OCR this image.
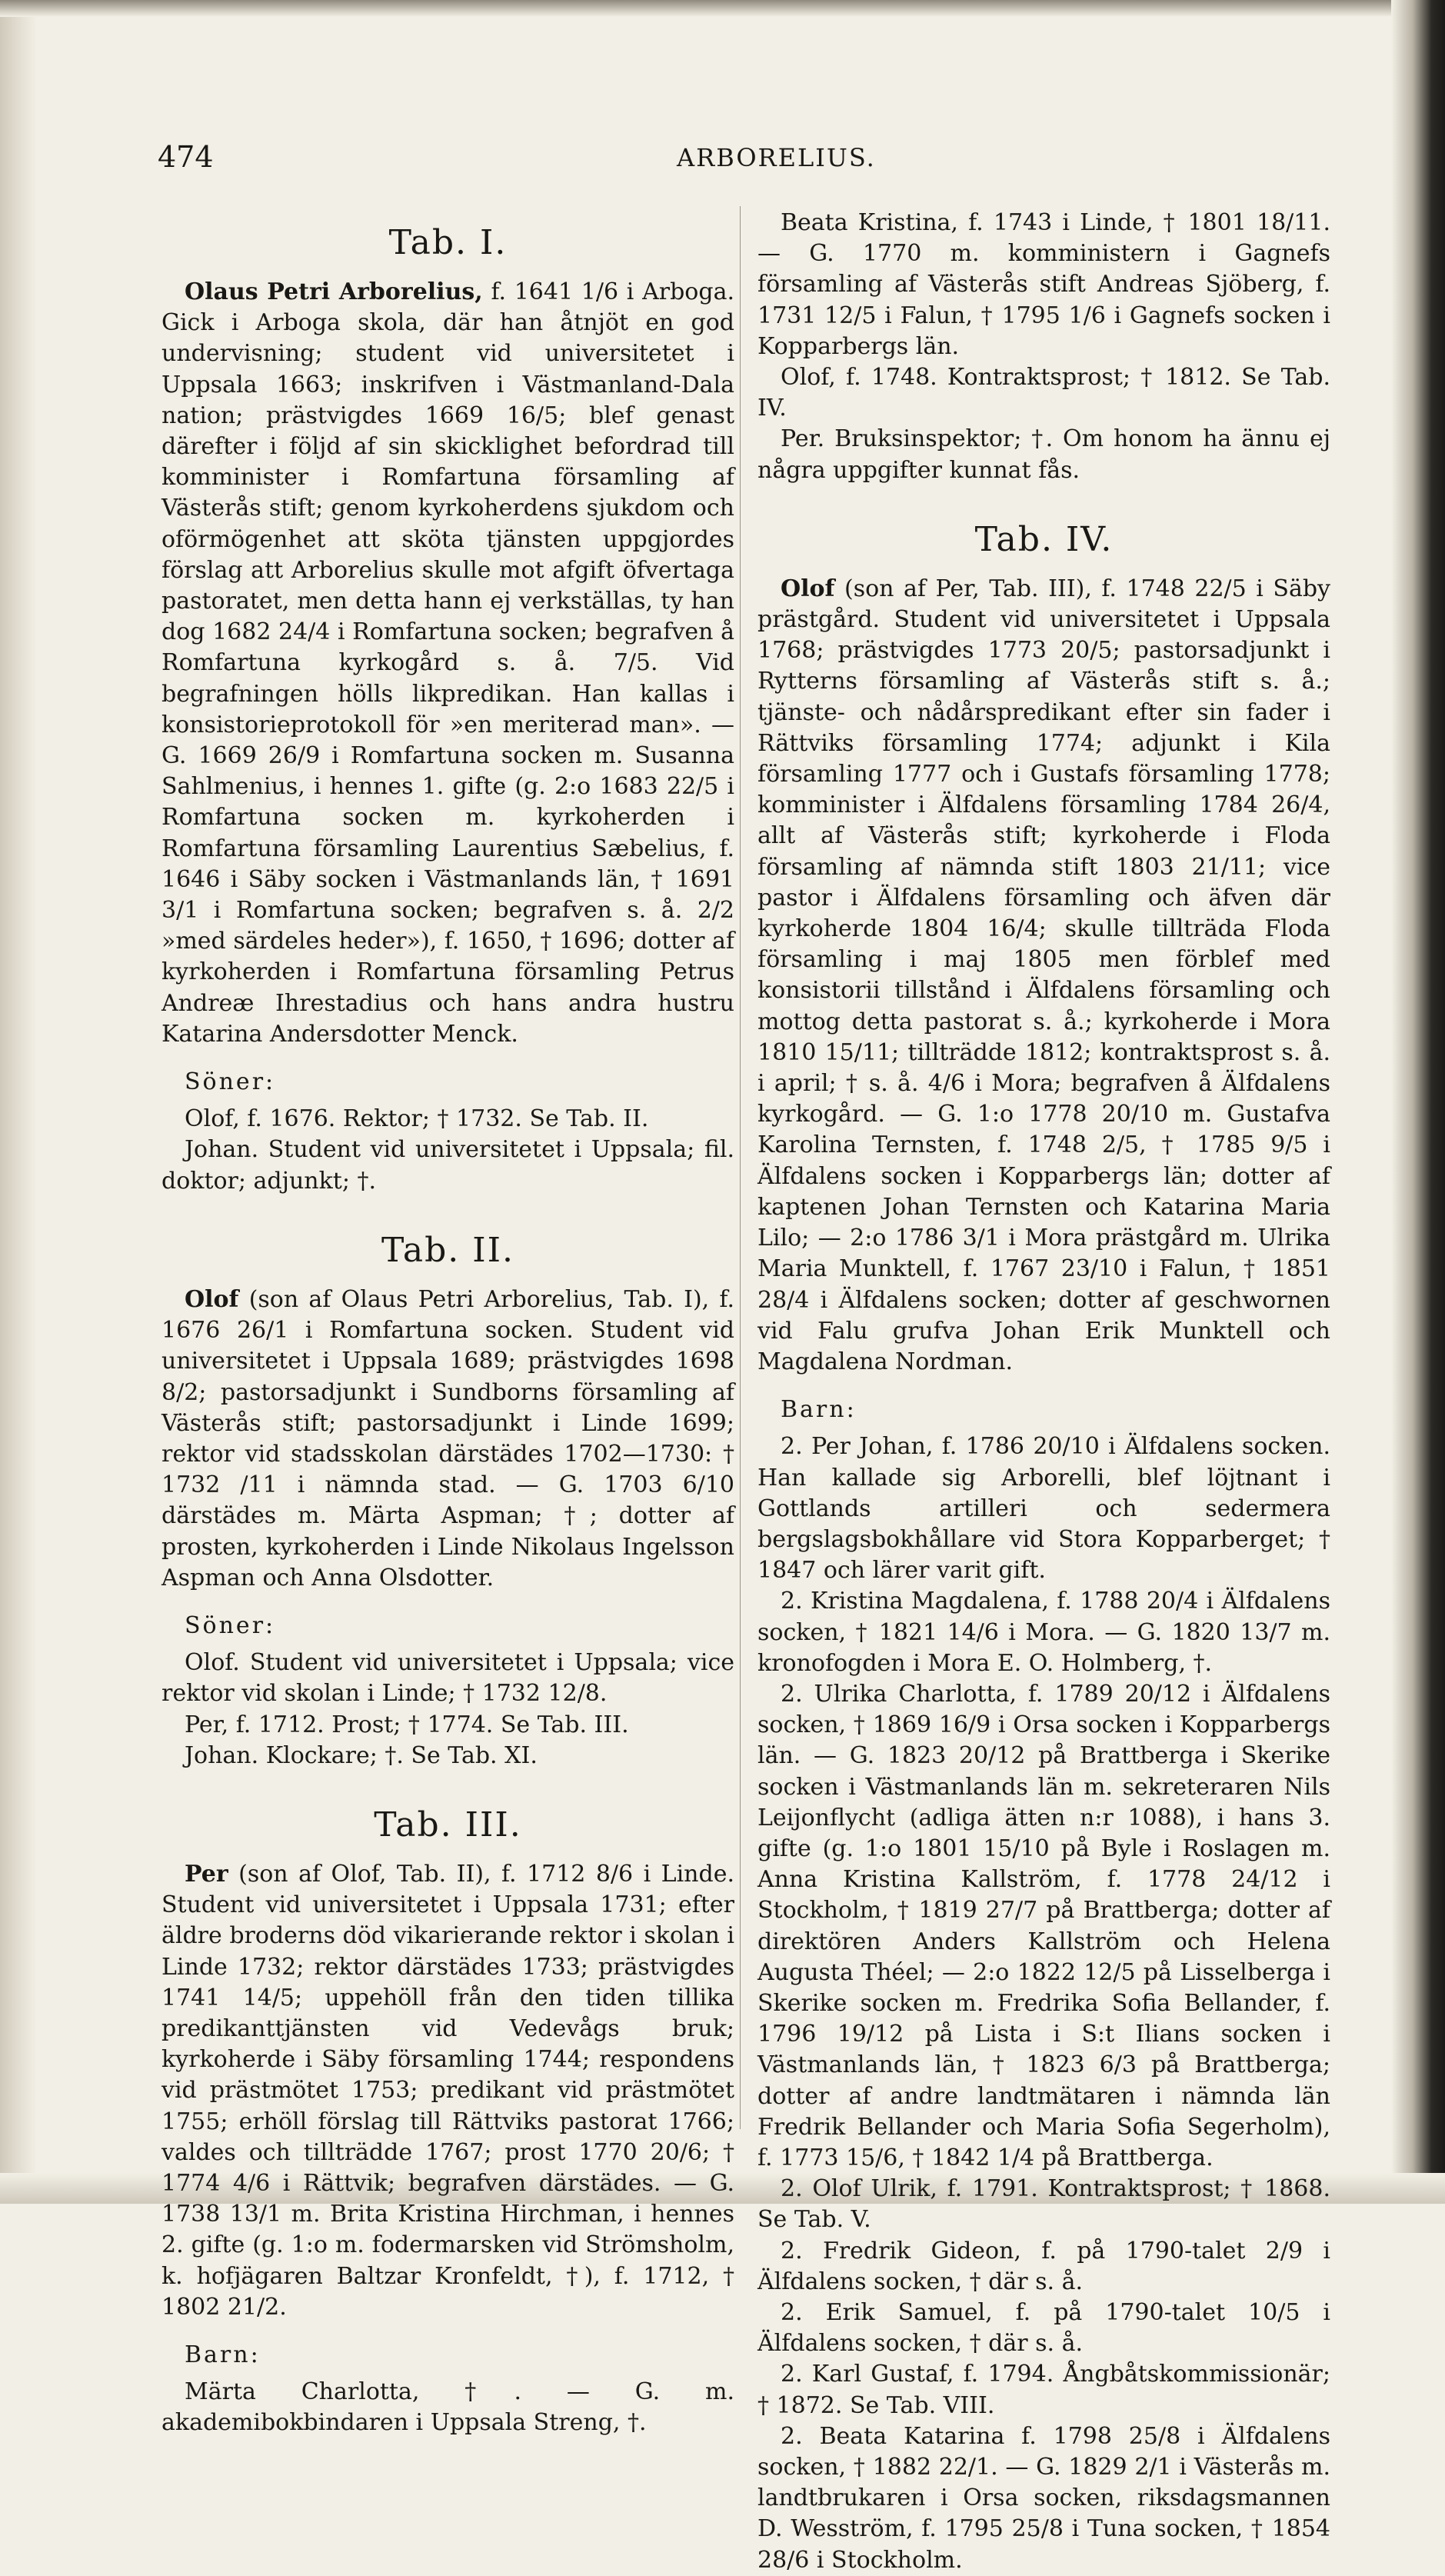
474	ARBORELIUS.
Tab. I.

Olaus Petri Arborelius, f. 1641 1/6 i Arboga. Gick i Arboga skola, där han åtnjöt en god undervisning; student vid universitetet i Uppsala 1663; inskrifven i Västmanland-Dala nation; prästvigdes 1669 16/5; blef genast därefter i följd af sin skicklighet befordrad till komminister i Romfartuna församling af Västerås stift; genom kyrkoherdens sjukdom och oförmögenhet att sköta tjänsten uppgjordes förslag att Arborelius skulle mot afgift öfvertaga pastoratet, men detta hann ej verkställas, ty han dog 1682 24/4 i Romfartuna socken; begrafven å Romfartuna kyrkogård s. å. 7/5. Vid begrafningen hölls likpredikan. Han kallas i konsistorieprotokoll för »en meriterad man». — G. 1669 26/9 i Romfartuna socken m. Susanna Sahlmenius, i hennes 1. gifte (g. 2:o 1683 22/5 i Romfartuna socken m. kyrkoherden i Romfartuna församling Laurentius Sæbelius, f. 1646 i Säby socken i Västmanlands län, † 1691 3/1 i Romfartuna socken; begrafven s. å. 2/2 »med särdeles heder»), f. 1650, † 1696; dotter af kyrkoherden i Romfartuna församling Petrus Andreæ Ihrestadius och hans andra hustru Katarina Andersdotter Menck.

Söner:

Olof, f. 1676. Rektor; † 1732. Se Tab. II.

Johan. Student vid universitetet i Uppsala; fil. doktor; adjunkt; †.

Tab. II.

Olof (son af Olaus Petri Arborelius, Tab. I), f. 1676 26/1 i Romfartuna socken. Student vid universitetet i Uppsala 1689; prästvigdes 1698 8/2; pastorsadjunkt i Sundborns församling af Västerås stift; pastorsadjunkt i Linde 1699; rektor vid stadsskolan därstädes 1702—1730: † 1732 /11 i nämnda stad. — G. 1703 6/10 därstädes m. Märta Aspman; †; dotter af prosten, kyrkoherden i Linde Nikolaus Ingelsson Aspman och Anna Olsdotter.

Söner:

Olof. Student vid universitetet i Uppsala; vice rektor vid skolan i Linde; † 1732 12/8.

Per, f. 1712. Prost; † 1774. Se Tab. III.

Johan. Klockare; †. Se Tab. XI.

Tab. III.

Per (son af Olof, Tab. II), f. 1712 8/6 i Linde. Student vid universitetet i Uppsala 1731; efter äldre broderns död vikarierande rektor i skolan i Linde 1732; rektor därstädes 1733; prästvigdes 1741 14/5; uppehöll från den tiden tillika predikanttjänsten vid Vedevågs bruk; kyrkoherde i Säby församling 1744; respondens vid prästmötet 1753; predikant vid prästmötet 1755; erhöll förslag till Rättviks pastorat 1766; valdes och tillträdde 1767; prost 1770 20/6; † 1774 4/6 i Rättvik; begrafven därstädes. — G. 1738 13/1 m. Brita Kristina Hirchman, i hennes 2. gifte (g. 1:o m. fodermarsken vid Strömsholm, k. hofjägaren Baltzar Kronfeldt, †), f. 1712, † 1802 21/2.

Barn:

Märta Charlotta, †. — G. m. akademibokbindaren i Uppsala Streng, †.

Beata Kristina, f. 1743 i Linde, † 1801 18/11. — G. 1770 m. komministern i Gagnefs församling af Västerås stift Andreas Sjöberg, f. 1731 12/5 i Falun, † 1795 1/6 i Gagnefs socken i Kopparbergs län.

Olof, f. 1748. Kontraktsprost; † 1812. Se Tab. IV.

Per. Bruksinspektor; †. Om honom ha ännu ej några uppgifter kunnat fås.

Tab. IV.

Olof (son af Per, Tab. III), f. 1748 22/5 i Säby prästgård. Student vid universitetet i Uppsala 1768; prästvigdes 1773 20/5; pastorsadjunkt i Rytterns församling af Västerås stift s. å.; tjänste- och nådårspredikant efter sin fader i Rättviks församling 1774; adjunkt i Kila församling 1777 och i Gustafs församling 1778; komminister i Älfdalens församling 1784 26/4, allt af Västerås stift; kyrkoherde i Floda församling af nämnda stift 1803 21/11; vice pastor i Älfdalens församling och äfven där kyrkoherde 1804 16/4; skulle tillträda Floda församling i maj 1805 men förblef med konsistorii tillstånd i Älfdalens församling och mottog detta pastorat s. å.; kyrkoherde i Mora 1810 15/11; tillträdde 1812; kontraktsprost s. å. i april; † s. å. 4/6 i Mora; begrafven å Älfdalens kyrkogård. — G. 1:o 1778 20/10 m. Gustafva Karolina Ternsten, f. 1748 2/5, † 1785 9/5 i Älfdalens socken i Kopparbergs län; dotter af kaptenen Johan Ternsten och Katarina Maria Lilo; — 2:o 1786 3/1 i Mora prästgård m. Ulrika Maria Munktell, f. 1767 23/10 i Falun, † 1851 28/4 i Älfdalens socken; dotter af geschwornen vid Falu grufva Johan Erik Munktell och Magdalena Nordman.

Barn:

2. Per Johan, f. 1786 20/10 i Älfdalens socken. Han kallade sig Arborelli, blef löjtnant i Gottlands artilleri och sedermera bergslagsbokhållare vid Stora Kopparberget; † 1847 och lärer varit gift.

2. Kristina Magdalena, f. 1788 20/4 i Älfdalens socken, † 1821 14/6 i Mora. — G. 1820 13/7 m. kronofogden i Mora E. O. Holmberg, †.

2. Ulrika Charlotta, f. 1789 20/12 i Älfdalens socken, † 1869 16/9 i Orsa socken i Kopparbergs län. — G. 1823 20/12 på Brattberga i Skerike socken i Västmanlands län m. sekreteraren Nils Leijonflycht (adliga ätten n:r 1088), i hans 3. gifte (g. 1:o 1801 15/10 på Byle i Roslagen m. Anna Kristina Kallström, f. 1778 24/12 i Stockholm, † 1819 27/7 på Brattberga; dotter af direktören Anders Kallström och Helena Augusta Théel; — 2:o 1822 12/5 på Lisselberga i Skerike socken m. Fredrika Sofia Bellander, f. 1796 19/12 på Lista i S:t Ilians socken i Västmanlands län, † 1823 6/3 på Brattberga; dotter af andre landtmätaren i nämnda län Fredrik Bellander och Maria Sofia Segerholm), f. 1773 15/6, † 1842 1/4 på Brattberga.

2. Olof Ulrik, f. 1791. Kontraktsprost; † 1868. Se Tab. V.

2. Fredrik Gideon, f. på 1790-talet 2/9 i Älfdalens socken, † där s. å.

2. Erik Samuel, f. på 1790-talet 10/5 i Älfdalens socken, † där s. å.

2. Karl Gustaf, f. 1794. Ångbåtskommissionär; † 1872. Se Tab. VIII.

2. Beata Katarina f. 1798 25/8 i Älfdalens socken, † 1882 22/1. — G. 1829 2/1 i Västerås m. landtbrukaren i Orsa socken, riksdagsmannen D. Wesström, f. 1795 25/8 i Tuna socken, † 1854 28/6 i Stockholm.
